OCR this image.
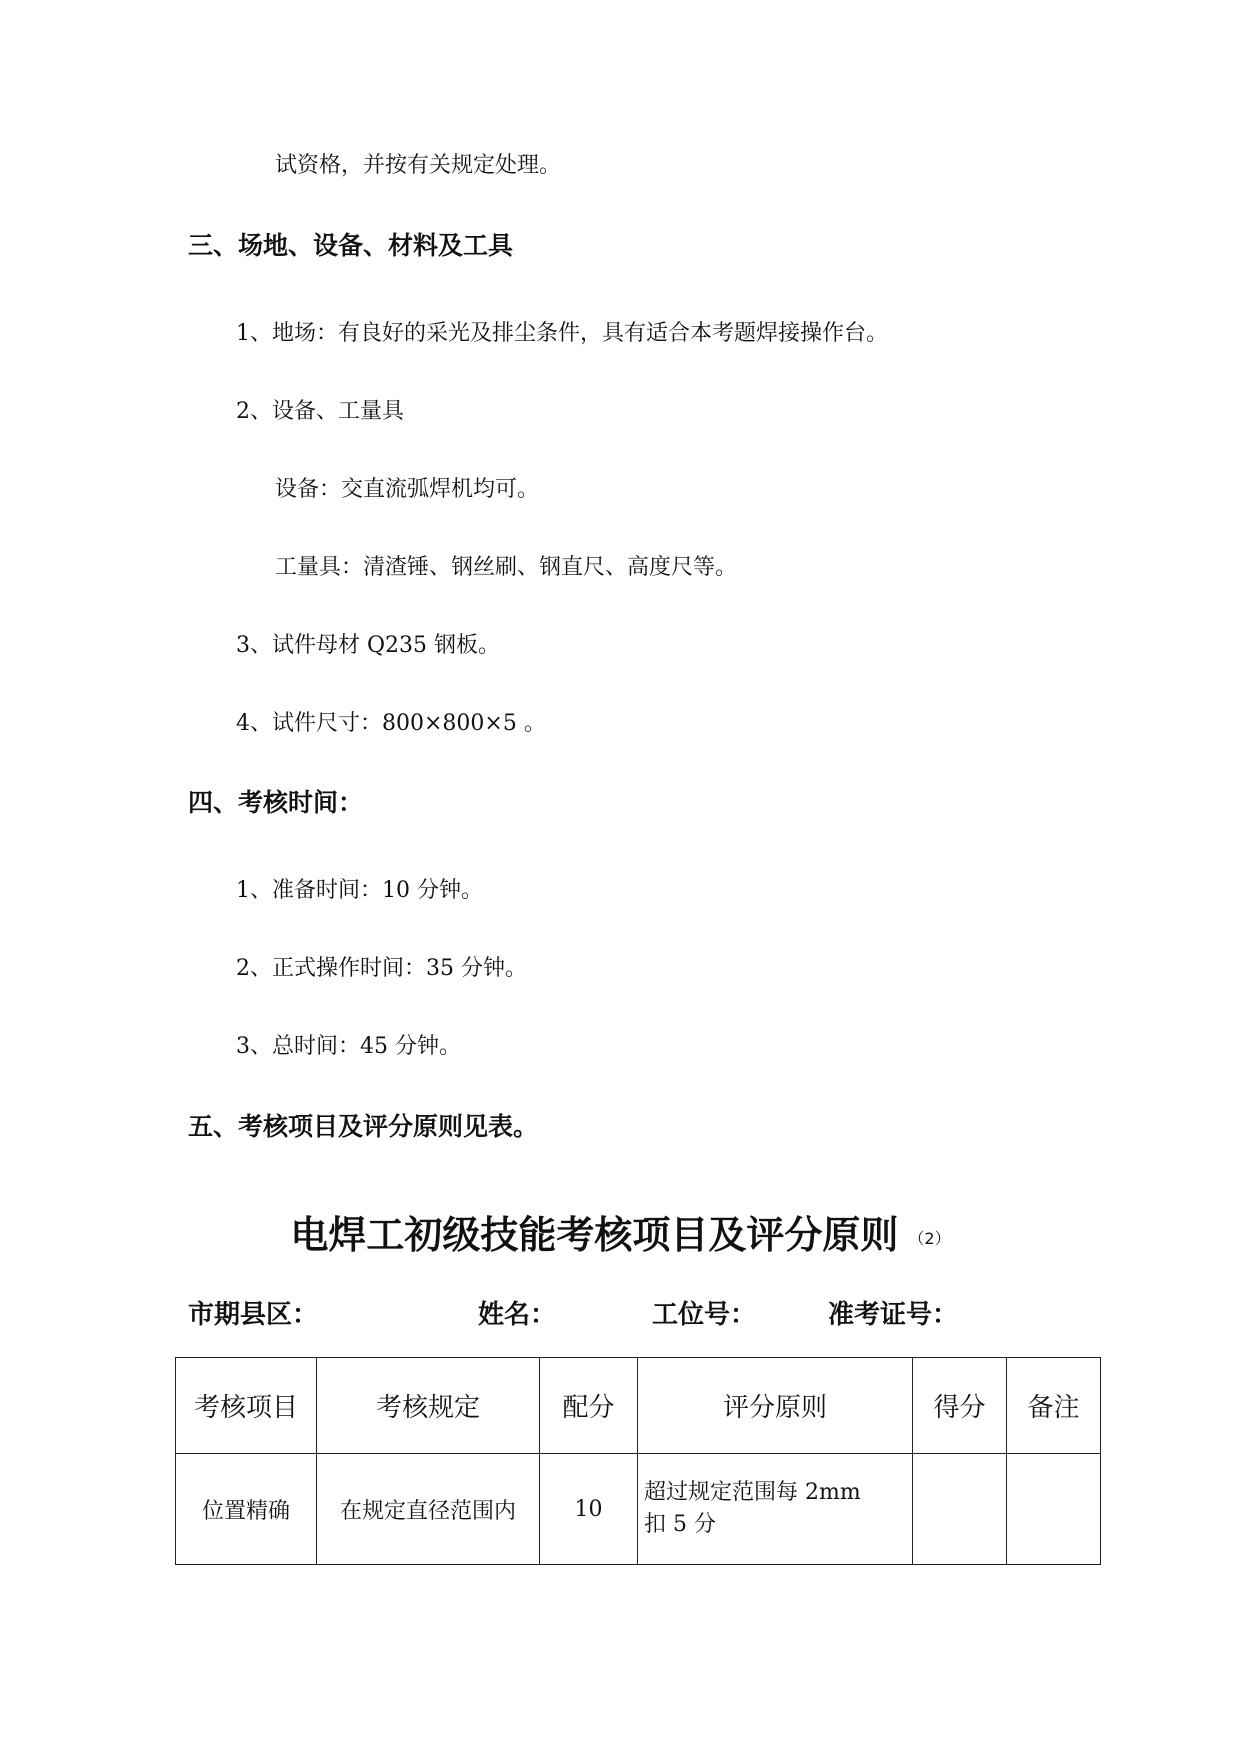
试资格，并按有关规定处理。
三、场地、设备、材料及工具
1、地场：有良好的采光及排尘条件，具有适合本考题焊接操作台。
2、设备、工量具
设备：交直流弧焊机均可。
工量具：清渣锤、钢丝刷、钢直尺、高度尺等。
3、试件母材 Q235 钢板。
4、试件尺寸：800×800×5 。
四、考核时间：
1、准备时间：10 分钟。
2、正式操作时间：35 分钟。
3、总时间：45 分钟。
五、考核项目及评分原则见表。
电焊工初级技能考核项目及评分原则 $^{(2)}$
市期县区：	姓名：	工位号：	准考证号：
考核项目	考核规定	配分	评分原则	得分	备注
位置精确	在规定直径范围内	10	超过规定范围每 2mm
扣 5 分		
